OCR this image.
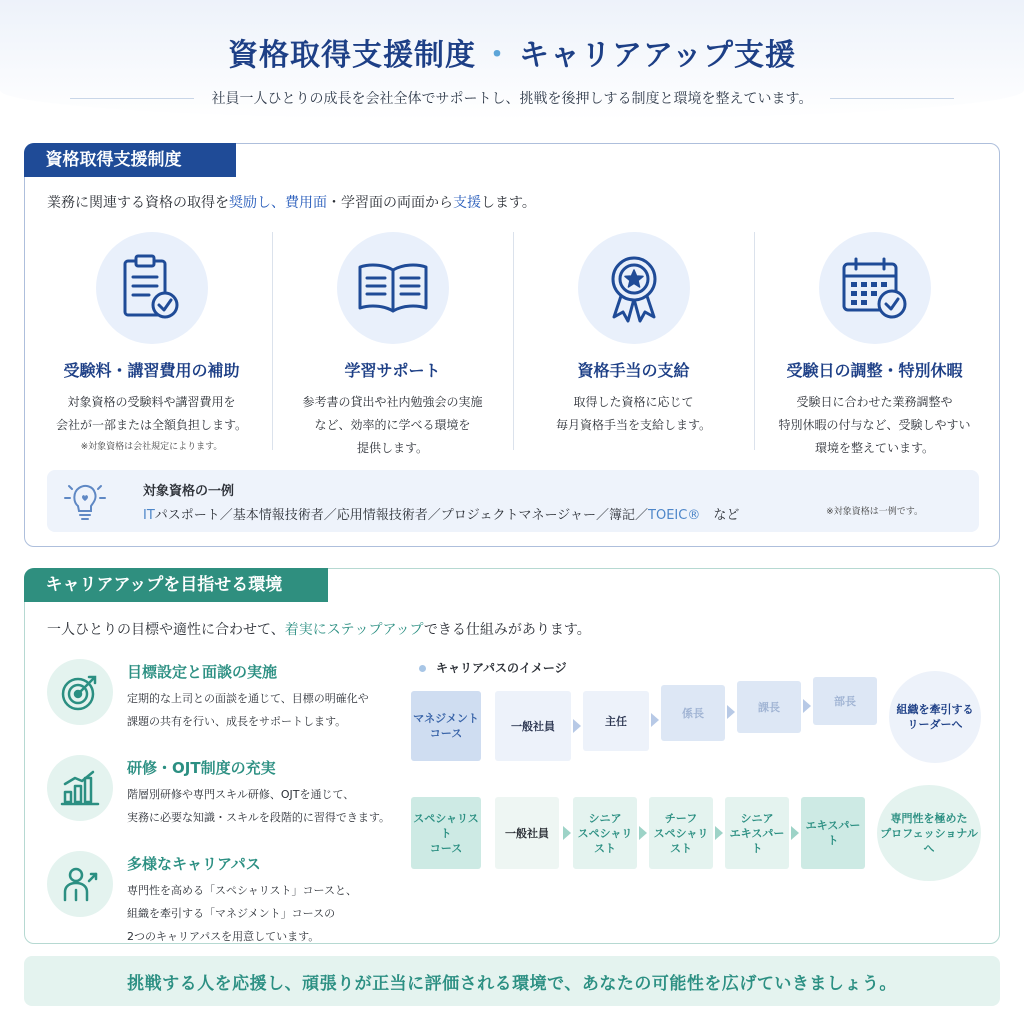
資格取得支援制度 ・ キャリアアップ支援
社員一人ひとりの成長を会社全体でサポートし、挑戦を後押しする制度と環境を整えています。
資格取得支援制度

業務に関連する資格の取得を奨励し、費用面・学習面の両面から支援します。

受験料・講習費用の補助
対象資格の受験料や講習費用を
会社が一部または全額負担します。
※対象資格は会社規定によります。
学習サポート
参考書の貸出や社内勉強会の実施
など、効率的に学べる環境を
提供します。
資格手当の支給
取得した資格に応じて
毎月資格手当を支給します。
受験日の調整・特別休暇
受験日に合わせた業務調整や
特別休暇の付与など、受験しやすい
環境を整えています。
対象資格の一例
ITパスポート／基本情報技術者／応用情報技術者／プロジェクトマネージャー／簿記／TOEIC®　など	※対象資格は一例です。
キャリアアップを目指せる環境

一人ひとりの目標や適性に合わせて、着実にステップアップできる仕組みがあります。

目標設定と面談の実施
定期的な上司との面談を通じて、目標の明確化や
課題の共有を行い、成長をサポートします。
研修・OJT制度の充実
階層別研修や専門スキル研修、OJTを通じて、
実務に必要な知識・スキルを段階的に習得できます。
多様なキャリアパス
専門性を高める「スペシャリスト」コースと、
組織を牽引する「マネジメント」コースの
2つのキャリアパスを用意しています。
キャリアパスのイメージ
マネジメント
コース
一般社員	主任
係長	課長	部長
組織を牽引する
リーダーへ
スペシャリスト
コース
一般社員
シニア
スペシャリスト
チーフ
スペシャリスト
シニア
エキスパート
エキスパート
専門性を極めた
プロフェッショナルへ
挑戦する人を応援し、頑張りが正当に評価される環境で、あなたの可能性を広げていきましょう。
